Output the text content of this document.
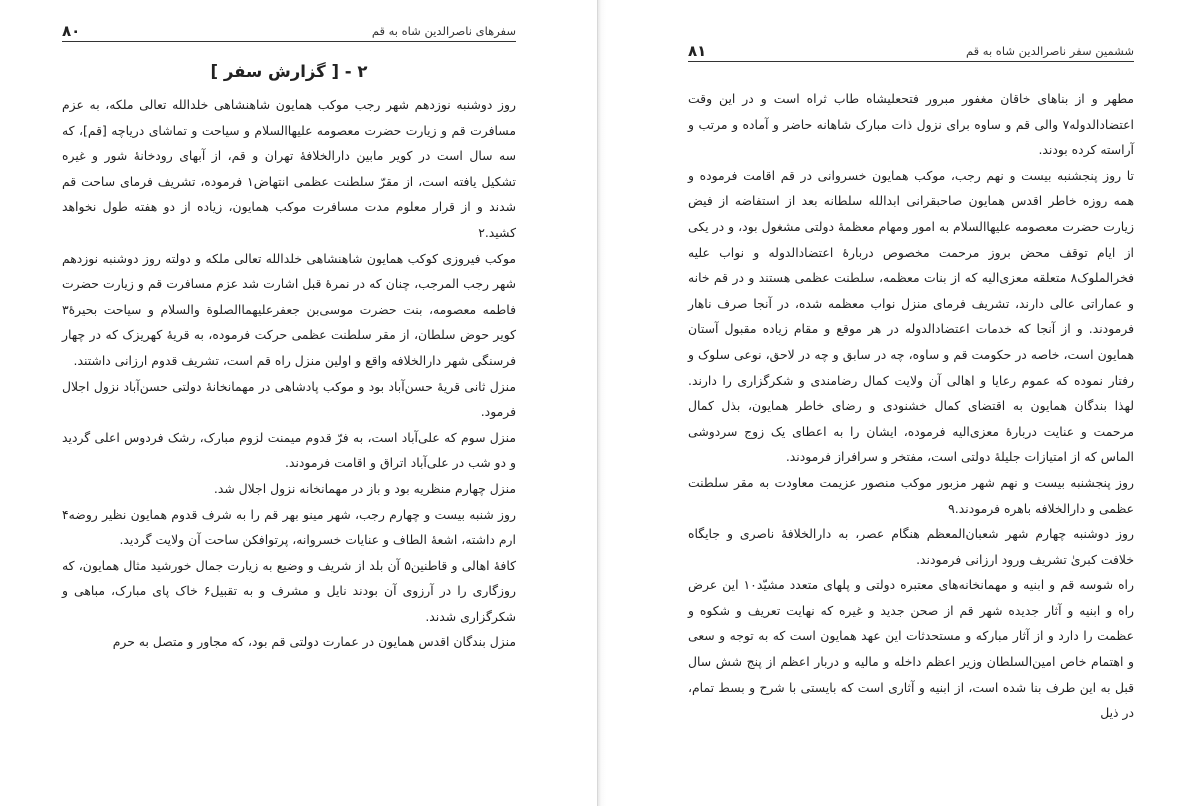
سفرهای ناصرالدین شاه به قم
۸۰
۲ - [ گزارش سفر ]

روز دوشنبه نوزدهم شهر رجب موکب همایون شاهنشاهی خلدالله تعالی ملکه، به عزم مسافرت قم و زیارت حضرت معصومه علیهاالسلام و سیاحت و تماشای دریاچه [قم]، که سه سال است در کویر مابین دارالخلافهٔ تهران و قم، از آبهای رودخانهٔ شور و غیره تشکیل یافته است، از مقرّ سلطنت عظمی انتهاض۱ فرموده، تشریف فرمای ساحت قم شدند و از قرار معلوم مدت مسافرت موکب همایون، زیاده از دو هفته طول نخواهد کشید.۲

موکب فیروزی کوکب همایون شاهنشاهی خلدالله تعالی ملکه و دولته روز دوشنبه نوزدهم شهر رجب المرجب، چنان که در نمرهٔ قبل اشارت شد عزم مسافرت قم و زیارت حضرت فاطمه معصومه، بنت حضرت موسی‌بن جعفرعلیهماالصلوة والسلام و سیاحت بحیرهٔ۳ کویر حوض سلطان، از مقر سلطنت عظمی حرکت فرموده، به قریهٔ کهریزک که در چهار فرسنگی شهر دارالخلافه واقع و اولین منزل راه قم است، تشریف قدوم ارزانی داشتند.

منزل ثانی قریهٔ حسن‌آباد بود و موکب پادشاهی در مهمانخانهٔ دولتی حسن‌آباد نزول اجلال فرمود.

منزل سوم که علی‌آباد است، به فرّ قدوم میمنت لزوم مبارک، رشک فردوس اعلی گردید و دو شب در علی‌آباد اتراق و اقامت فرمودند.

منزل چهارم منظریه بود و باز در مهمانخانه نزول اجلال شد.

روز شنبه بیست و چهارم رجب، شهر مینو بهر قم را به شرف قدوم همایون نظیر روضه۴ ارم داشته، اشعهٔ الطاف و عنایات خسروانه، پرتوافکن ساحت آن ولایت گردید.

کافهٔ اهالی و قاطنین۵ آن بلد از شریف و وضیع به زیارت جمال خورشید مثال همایون، که روزگاری را در آرزوی آن بودند نایل و مشرف و به تقبیل۶ خاک پای مبارک، مباهی و شکرگزاری شدند.

منزل بندگان اقدس همایون در عمارت دولتی قم بود، که مجاور و متصل به حرم

ششمین سفر ناصرالدین شاه به قم
۸۱

مطهر و از بناهای خاقان مغفور مبرور فتحعلیشاه طاب ثراه است و در این وقت اعتضادالدوله۷ والی قم و ساوه برای نزول ذات مبارک شاهانه حاضر و آماده و مرتب و آراسته کرده بودند.

تا روز پنجشنبه بیست و نهم رجب، موکب همایون خسروانی در قم اقامت فرموده و همه روزه خاطر اقدس همایون صاحبقرانی ابدالله سلطانه بعد از استفاضه از فیض زیارت حضرت معصومه علیهاالسلام به امور ومهام معظمهٔ دولتی مشغول بود، و در یکی از ایام توقف محض بروز مرحمت مخصوص دربارهٔ اعتضادالدوله و نواب علیه فخرالملوک۸ متعلقه معزی‌الیه که از بنات معظمه، سلطنت عظمی هستند و در قم خانه و عماراتی عالی دارند، تشریف فرمای منزل نواب معظمه شده، در آنجا صرف ناهار فرمودند. و از آنجا که خدمات اعتضادالدوله در هر موقع و مقام زیاده مقبول آستان همایون است، خاصه در حکومت قم و ساوه، چه در سابق و چه در لاحق، نوعی سلوک و رفتار نموده که عموم رعایا و اهالی آن ولایت کمال رضامندی و شکرگزاری را دارند. لهذا بندگان همایون به اقتضای کمال خشنودی و رضای خاطر همایون، بذل کمال مرحمت و عنایت دربارهٔ معزی‌الیه فرموده، ایشان را به اعطای یک زوج سردوشی الماس که از امتیازات جلیلهٔ دولتی است، مفتخر و سرافراز فرمودند.

روز پنجشنبه بیست و نهم شهر مزبور موکب منصور عزیمت معاودت به مقر سلطنت عظمی و دارالخلافه باهره فرمودند.۹

روز دوشنبه چهارم شهر شعبان‌المعظم هنگام عصر، به دارالخلافهٔ ناصری و جایگاه خلافت کبریٰ تشریف ورود ارزانی فرمودند.

راه شوسه قم و ابنیه و مهمانخانه‌های معتبره دولتی و پلهای متعدد مشیّد۱۰ این عرض راه و ابنیه و آثار جدیده شهر قم از صحن جدید و غیره که نهایت تعریف و شکوه و عظمت را دارد و از آثار مبارکه و مستحدثات این عهد همایون است که به توجه و سعی و اهتمام خاص امین‌السلطان وزیر اعظم داخله و مالیه و دربار اعظم از پنج شش سال قبل به این طرف بنا شده است، از ابنیه و آثاری است که بایستی با شرح و بسط تمام، در ذیل
